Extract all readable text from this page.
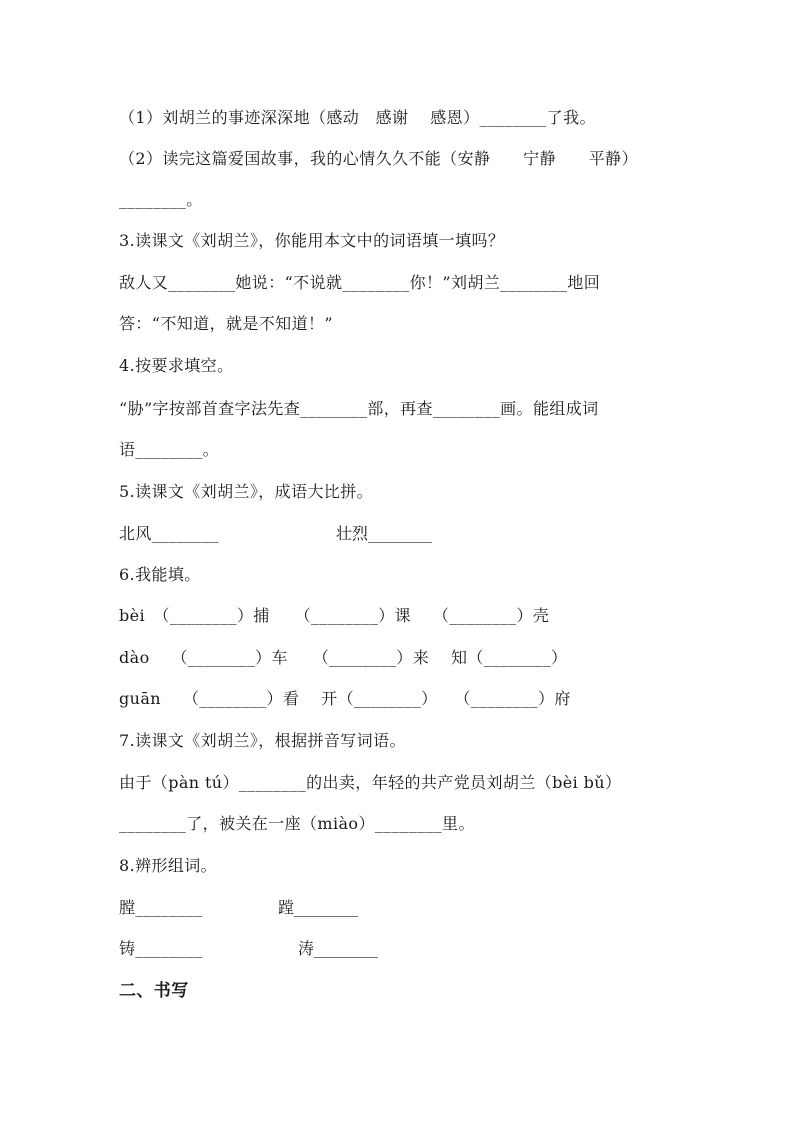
（1）刘胡兰的事迹深深地（感动　感谢　 感恩）________了我。
（2）读完这篇爱国故事，我的心情久久不能（安静　　宁静　　平静）
________。
3.读课文《刘胡兰》，你能用本文中的词语填一填吗？
敌人又________她说：“不说就________你！”刘胡兰________地回
答：“不知道，就是不知道！”
4.按要求填空。
“胁”字按部首查字法先查________部，再查________画。能组成词
语________。
5.读课文《刘胡兰》，成语大比拼。
北风________	壮烈________
6.我能填。
bèi　（________）捕　　（________）课　 （________）壳
dào　 （________）车　　（________）来　 知（________）
guān　 （________）看　 开（________）　　（________）府
7.读课文《刘胡兰》，根据拼音写词语。
由于（pàn tú）________的出卖，年轻的共产党员刘胡兰（bèi bǔ）
________了，被关在一座（miào）________里。
8.辨形组词。
膛________	蹚________
铸________	涛________
二、书写
